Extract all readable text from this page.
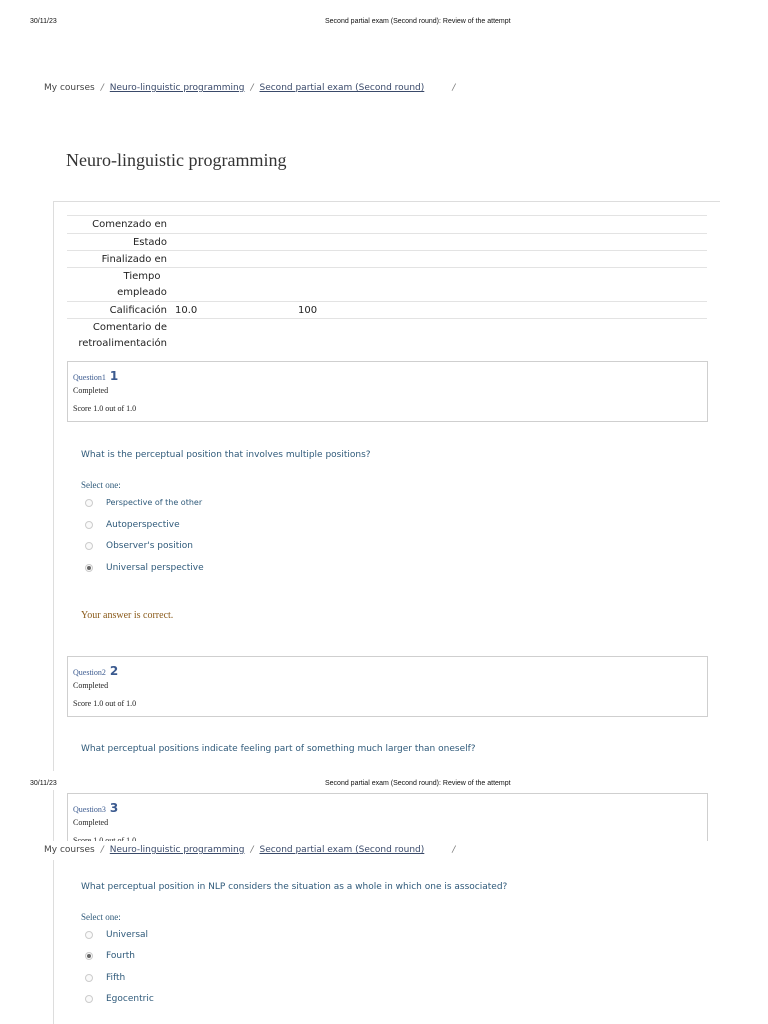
30/11/23	Second partial exam (Second round): Review of the attempt
My courses / Neuro-linguistic programming / Second partial exam (Second round)	/
Neuro-linguistic programming
Comenzado en
Estado
Finalizado en
Tiempo empleado
Calificación 10.0	100
Comentario de retroalimentación
Question1 1
Completed
Score 1.0 out of 1.0
What is the perceptual position that involves multiple positions?
Select one:
Perspective of the other
Autoperspective
Observer's position
Universal perspective
Your answer is correct.
Question2 2
Completed
Score 1.0 out of 1.0
What perceptual positions indicate feeling part of something much larger than oneself?
30/11/23	Second partial exam (Second round): Review of the attempt
Question3 3
Completed
My courses / Neuro-linguistic programming / Second partial exam (Second round)	/
What perceptual position in NLP considers the situation as a whole in which one is associated?
Select one:
Universal
Fourth
Fifth
Egocentric
